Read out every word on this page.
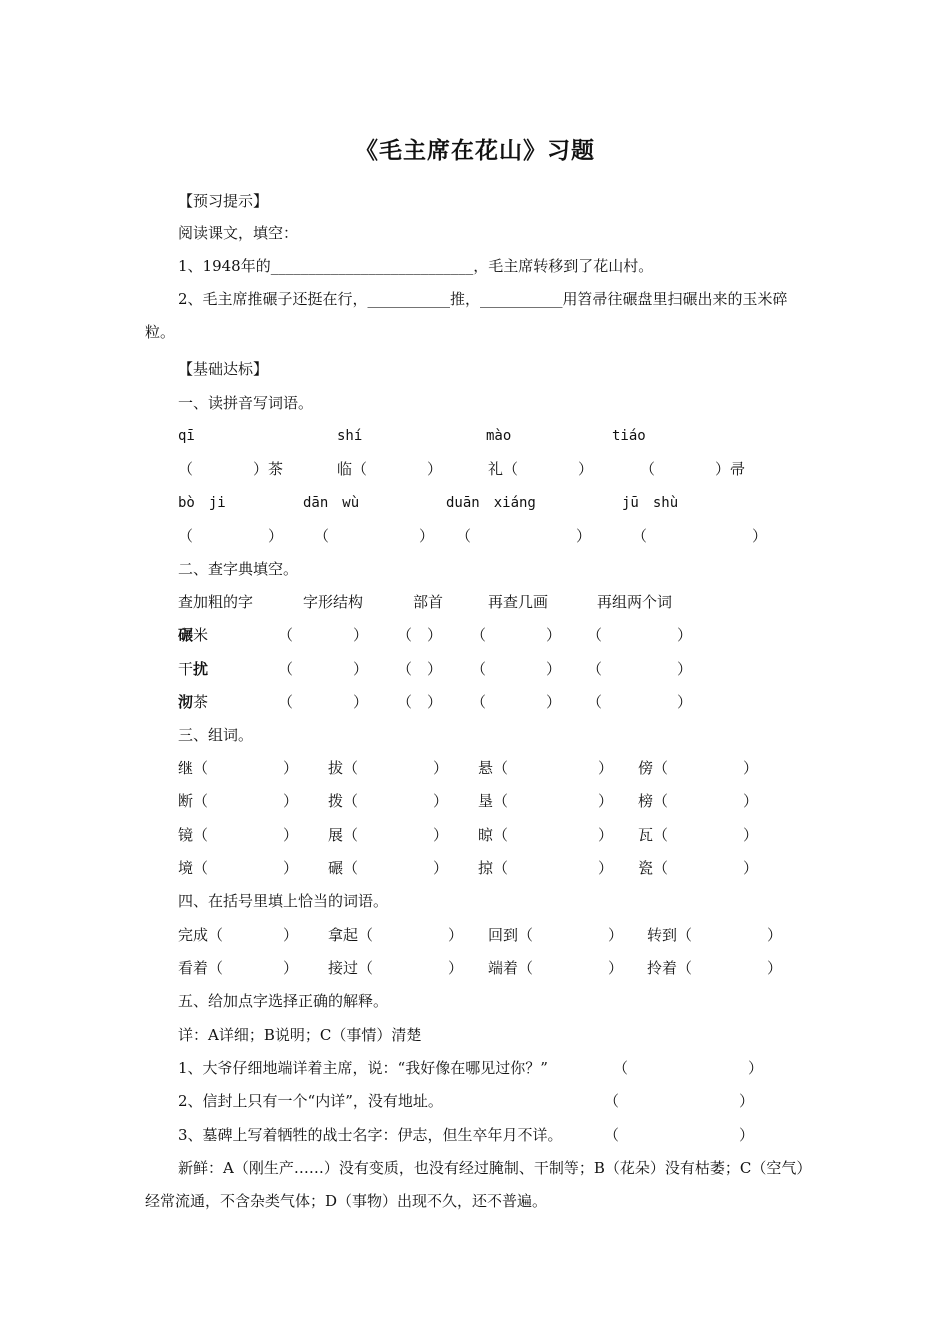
《毛主席在花山》习题
【预习提示】
阅读课文，填空：
1、1948年的___________________________，毛主席转移到了花山村。
2、毛主席推碾子还挺在行，___________推，___________用笤帚往碾盘里扫碾出来的玉米碎粒。
【基础达标】
一、读拼音写词语。
qī	shí	mào	tiáo
（　　　　）茶	临（　　　　）	礼（　　　　）	（　　　　）帚
bò　ji	dān　wù	duān　xiáng	jū　shù
（　　　　　） （　　　　　　） （　　　　　　　）	（　　　　　　　）
二、查字典填空。
查加粗的字	字形结构	部首	再查几画	再组两个词
碾米	（　　　　） （　） （　　　　） （　　　　　）
干扰	（　　　　） （　） （　　　　） （　　　　　）
沏茶	（　　　　） （　） （　　　　） （　　　　　）
三、组词。
继（　　　　　） 拔（　　　　　） 悬（　　　　　　） 傍（　　　　　）
断（　　　　　） 拨（　　　　　） 垦（　　　　　　） 榜（　　　　　）
镜（　　　　　） 展（　　　　　） 晾（　　　　　　） 瓦（　　　　　）
境（　　　　　） 碾（　　　　　） 掠（　　　　　　） 瓷（　　　　　）
四、在括号里填上恰当的词语。
完成（　　　　） 拿起（　　　　　） 回到（　　　　　） 转到（　　　　　）
看着（　　　　） 接过（　　　　　） 端着（　　　　　） 拎着（　　　　　）
五、给加点字选择正确的解释。
详：A详细；B说明；C（事情）清楚
1、大爷仔细地端详着主席，说：“我好像在哪见过你？”	（　　　　　　　　）
2、信封上只有一个“内详”，没有地址。	（　　　　　　　　）
3、墓碑上写着牺牲的战士名字：伊志，但生卒年月不详。	（　　　　　　　　）
新鲜：A（刚生产……）没有变质，也没有经过腌制、干制等；B（花朵）没有枯萎；C（空气）经常流通，不含杂类气体；D（事物）出现不久，还不普遍。
